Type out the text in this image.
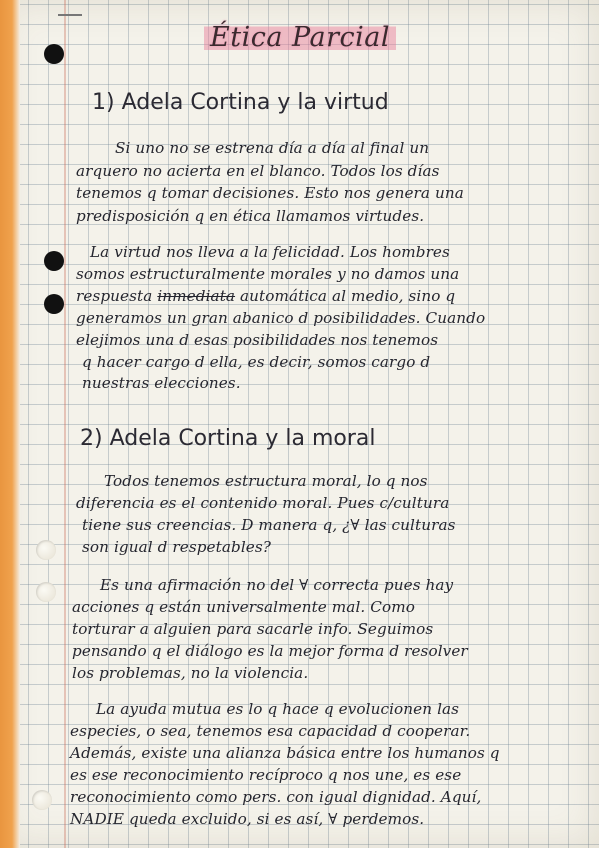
Ética Parcial
1) Adela Cortina y la virtud
Si uno no se estrena día a día al final un
arquero no acierta en el blanco. Todos los días
tenemos q tomar decisiones. Esto nos genera una
predisposición q en ética llamamos virtudes.
La virtud nos lleva a la felicidad. Los hombres
somos estructuralmente morales y no damos una
respuesta inmediata automática al medio, sino q
generamos un gran abanico d posibilidades. Cuando
elejimos una d esas posibilidades nos tenemos
q hacer cargo d ella, es decir, somos cargo d
nuestras elecciones.
2) Adela Cortina y la moral
Todos tenemos estructura moral, lo q nos
diferencia es el contenido moral. Pues c/cultura
tiene sus creencias. D manera q, ¿∀ las culturas
son igual d respetables?
Es una afirmación no del ∀ correcta pues hay
acciones q están universalmente mal. Como
torturar a alguien para sacarle info. Seguimos
pensando q el diálogo es la mejor forma d resolver
los problemas, no la violencia.
La ayuda mutua es lo q hace q evolucionen las
especies, o sea, tenemos esa capacidad d cooperar.
Además, existe una alianza básica entre los humanos q
es ese reconocimiento recíproco q nos une, es ese
reconocimiento como pers. con igual dignidad. Aquí,
NADIE queda excluido, si es así, ∀ perdemos.
